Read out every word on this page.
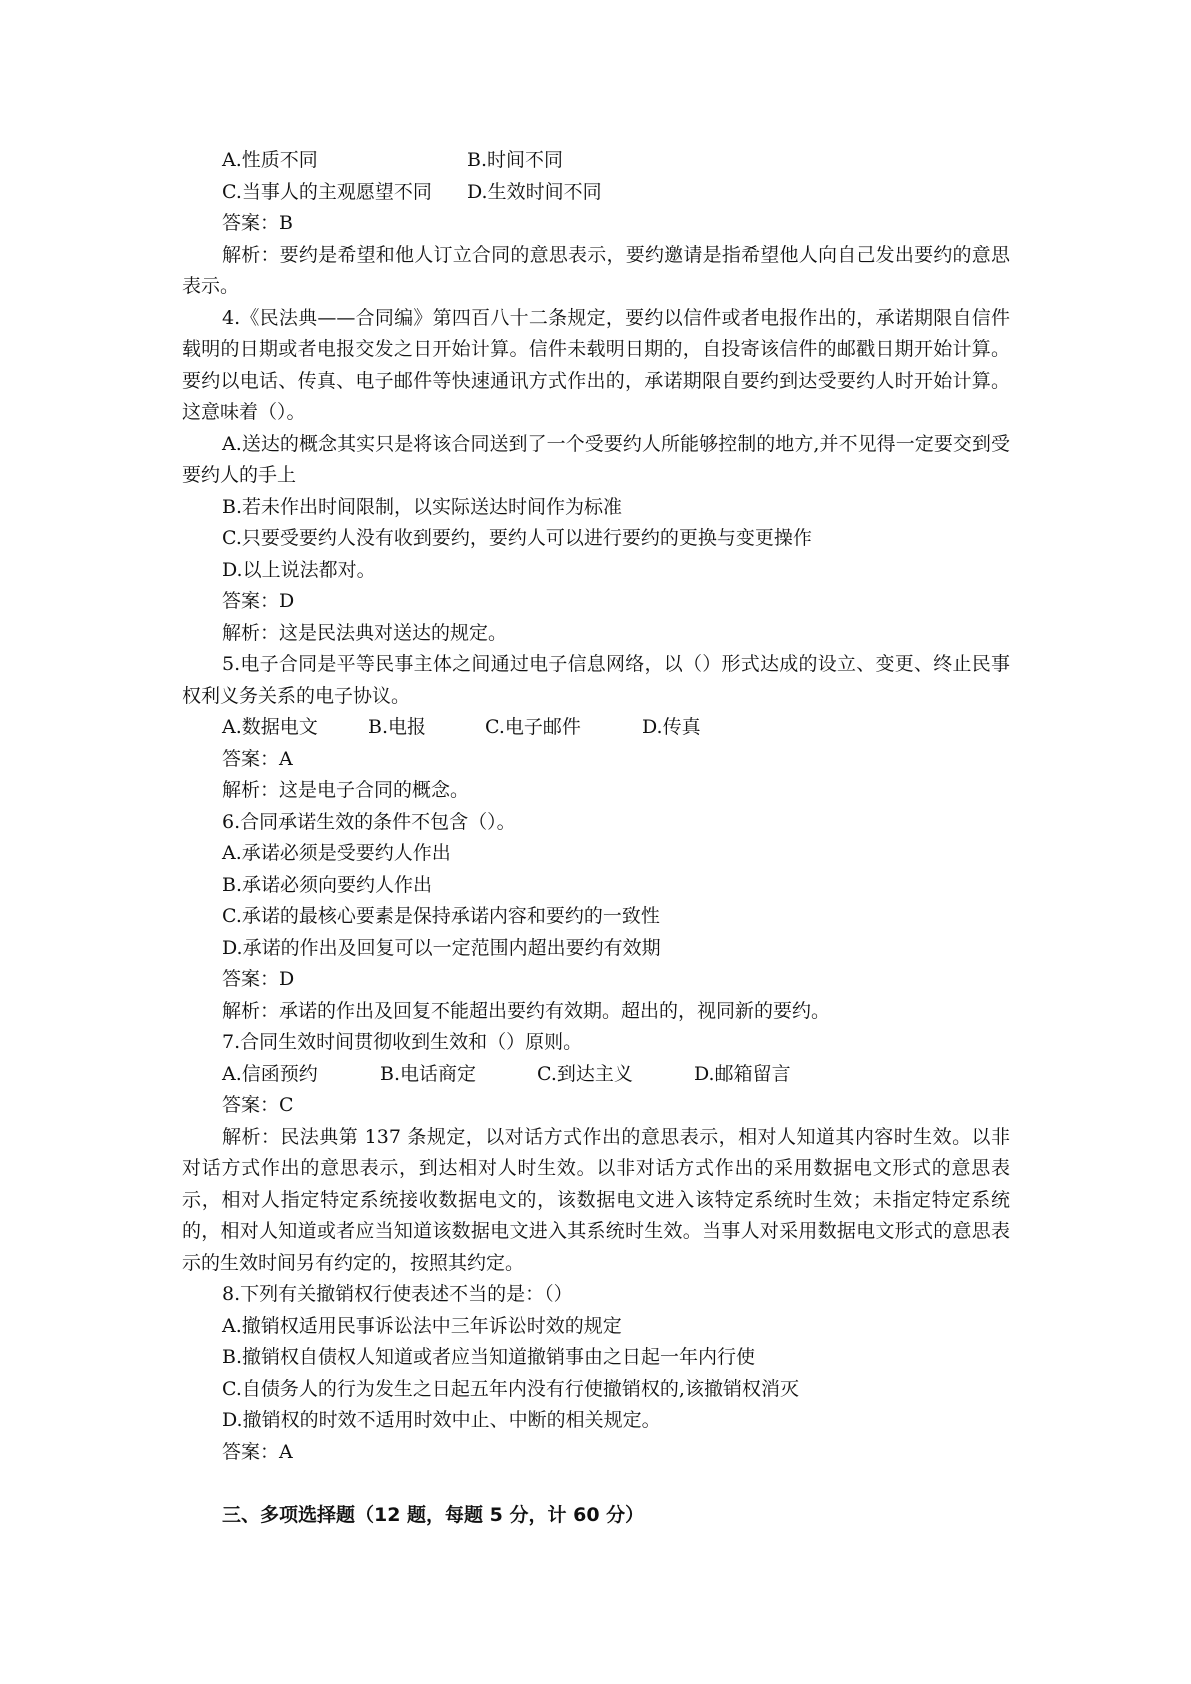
A.性质不同	B.时间不同
C.当事人的主观愿望不同	D.生效时间不同

答案：B

解析：要约是希望和他人订立合同的意思表示，要约邀请是指希望他人向自己发出要约的意思表示。

4.《民法典——合同编》第四百八十二条规定，要约以信件或者电报作出的，承诺期限自信件载明的日期或者电报交发之日开始计算。信件未载明日期的，自投寄该信件的邮戳日期开始计算。要约以电话、传真、电子邮件等快速通讯方式作出的，承诺期限自要约到达受要约人时开始计算。这意味着（）。

A.送达的概念其实只是将该合同送到了一个受要约人所能够控制的地方,并不见得一定要交到受要约人的手上

B.若未作出时间限制，以实际送达时间作为标准

C.只要受要约人没有收到要约，要约人可以进行要约的更换与变更操作

D.以上说法都对。

答案：D

解析：这是民法典对送达的规定。

5.电子合同是平等民事主体之间通过电子信息网络，以（）形式达成的设立、变更、终止民事权利义务关系的电子协议。

A.数据电文	B.电报	C.电子邮件	D.传真

答案：A

解析：这是电子合同的概念。

6.合同承诺生效的条件不包含（）。

A.承诺必须是受要约人作出

B.承诺必须向要约人作出

C.承诺的最核心要素是保持承诺内容和要约的一致性

D.承诺的作出及回复可以一定范围内超出要约有效期

答案：D

解析：承诺的作出及回复不能超出要约有效期。超出的，视同新的要约。

7.合同生效时间贯彻收到生效和（）原则。

A.信函预约	B.电话商定	C.到达主义	D.邮箱留言

答案：C

解析：民法典第 137 条规定，以对话方式作出的意思表示，相对人知道其内容时生效。以非对话方式作出的意思表示，到达相对人时生效。以非对话方式作出的采用数据电文形式的意思表示，相对人指定特定系统接收数据电文的，该数据电文进入该特定系统时生效；未指定特定系统的，相对人知道或者应当知道该数据电文进入其系统时生效。当事人对采用数据电文形式的意思表示的生效时间另有约定的，按照其约定。

8.下列有关撤销权行使表述不当的是：（）

A.撤销权适用民事诉讼法中三年诉讼时效的规定

B.撤销权自债权人知道或者应当知道撤销事由之日起一年内行使

C.自债务人的行为发生之日起五年内没有行使撤销权的,该撤销权消灭

D.撤销权的时效不适用时效中止、中断的相关规定。

答案：A

三、多项选择题（12 题，每题 5 分，计 60 分）
